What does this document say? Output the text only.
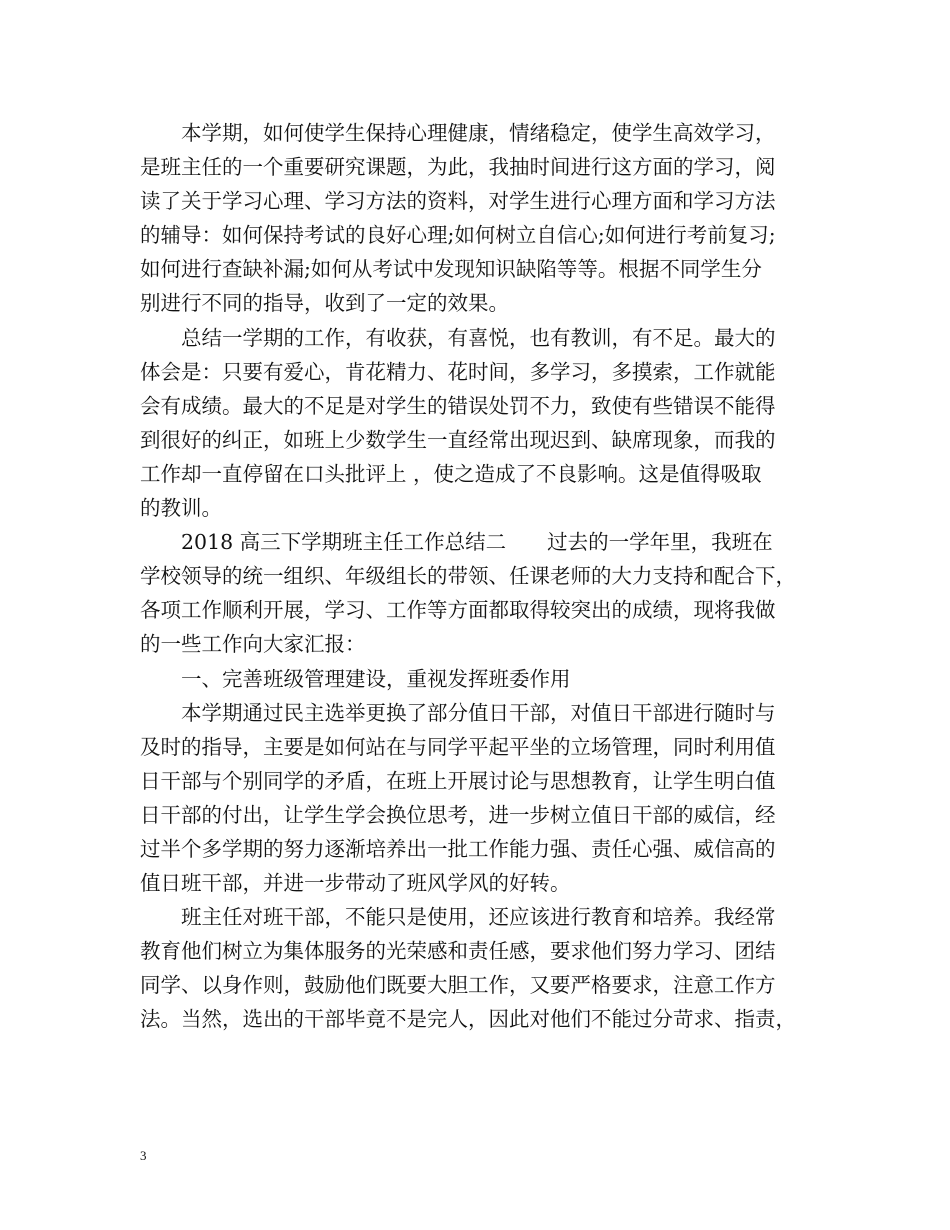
本学期，如何使学生保持心理健康，情绪稳定，使学生高效学习，
是班主任的一个重要研究课题，为此，我抽时间进行这方面的学习，阅
读了关于学习心理、学习方法的资料，对学生进行心理方面和学习方法
的辅导：如何保持考试的良好心理;如何树立自信心;如何进行考前复习;
如何进行查缺补漏;如何从考试中发现知识缺陷等等。根据不同学生分
别进行不同的指导，收到了一定的效果。
总结一学期的工作，有收获，有喜悦，也有教训，有不足。最大的
体会是：只要有爱心，肯花精力、花时间，多学习，多摸索，工作就能
会有成绩。最大的不足是对学生的错误处罚不力，致使有些错误不能得
到很好的纠正，如班上少数学生一直经常出现迟到、缺席现象，而我的
工作却一直停留在口头批评上 ，使之造成了不良影响。这是值得吸取
的教训。
2018 高三下学期班主任工作总结二　　过去的一学年里，我班在
学校领导的统一组织、年级组长的带领、任课老师的大力支持和配合下，
各项工作顺利开展，学习、工作等方面都取得较突出的成绩，现将我做
的一些工作向大家汇报：
一、完善班级管理建设，重视发挥班委作用
本学期通过民主选举更换了部分值日干部，对值日干部进行随时与
及时的指导，主要是如何站在与同学平起平坐的立场管理，同时利用值
日干部与个别同学的矛盾，在班上开展讨论与思想教育，让学生明白值
日干部的付出，让学生学会换位思考，进一步树立值日干部的威信，经
过半个多学期的努力逐渐培养出一批工作能力强、责任心强、威信高的
值日班干部，并进一步带动了班风学风的好转。
班主任对班干部，不能只是使用，还应该进行教育和培养。我经常
教育他们树立为集体服务的光荣感和责任感，要求他们努力学习、团结
同学、以身作则，鼓励他们既要大胆工作，又要严格要求，注意工作方
法。当然，选出的干部毕竟不是完人，因此对他们不能过分苛求、指责，
3
